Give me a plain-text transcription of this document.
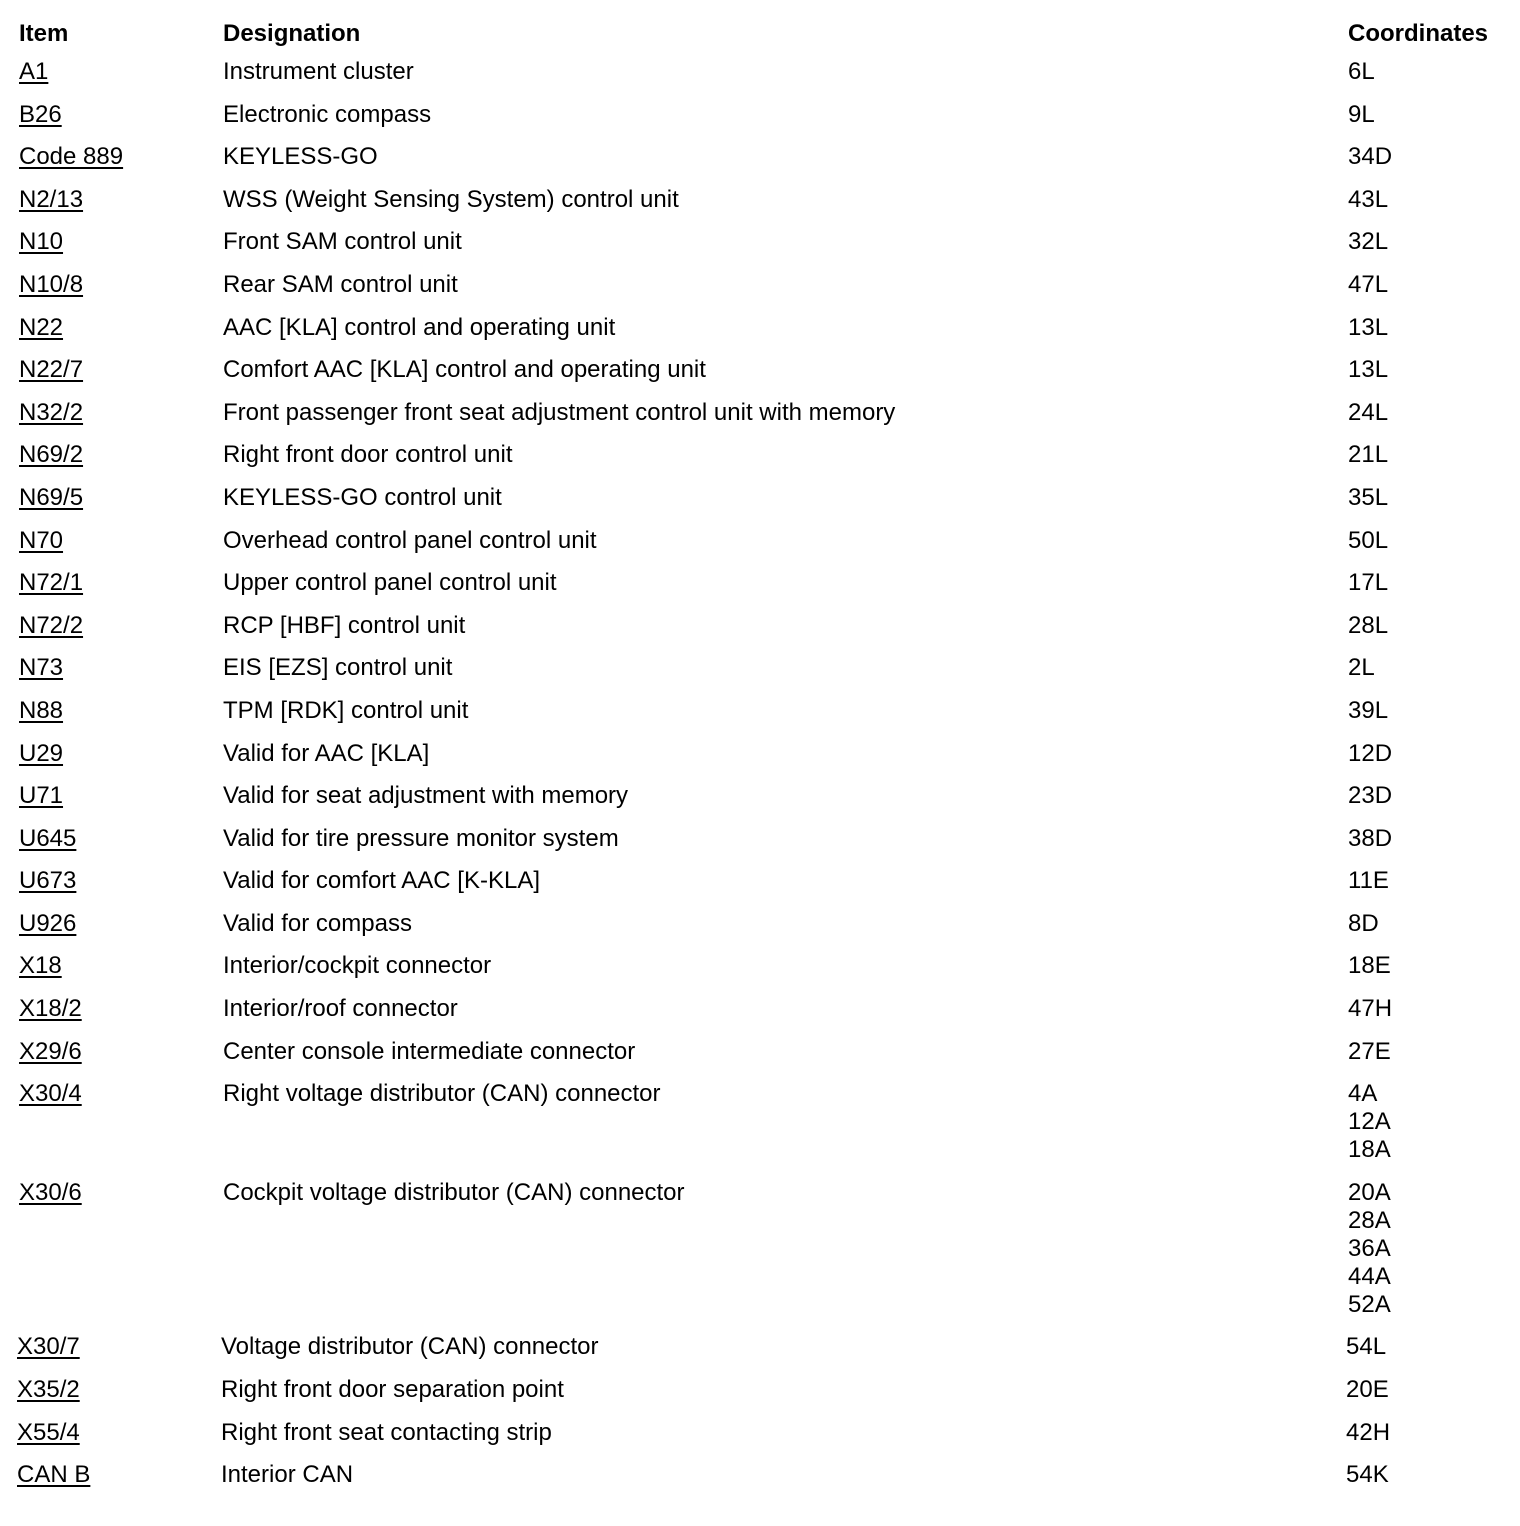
Item	Designation	Coordinates
A1	Instrument cluster	6L
B26	Electronic compass	9L
Code 889	KEYLESS-GO	34D
N2/13	WSS (Weight Sensing System) control unit	43L
N10	Front SAM control unit	32L
N10/8	Rear SAM control unit	47L
N22	AAC [KLA] control and operating unit	13L
N22/7	Comfort AAC [KLA] control and operating unit	13L
N32/2	Front passenger front seat adjustment control unit with memory	24L
N69/2	Right front door control unit	21L
N69/5	KEYLESS-GO control unit	35L
N70	Overhead control panel control unit	50L
N72/1	Upper control panel control unit	17L
N72/2	RCP [HBF] control unit	28L
N73	EIS [EZS] control unit	2L
N88	TPM [RDK] control unit	39L
U29	Valid for AAC [KLA]	12D
U71	Valid for seat adjustment with memory	23D
U645	Valid for tire pressure monitor system	38D
U673	Valid for comfort AAC [K-KLA]	11E
U926	Valid for compass	8D
X18	Interior/cockpit connector	18E
X18/2	Interior/roof connector	47H
X29/6	Center console intermediate connector	27E
X30/4	Right voltage distributor (CAN) connector	4A
12A
18A
X30/6	Cockpit voltage distributor (CAN) connector	20A
28A
36A
44A
52A
X30/7	Voltage distributor (CAN) connector	54L
X35/2	Right front door separation point	20E
X55/4	Right front seat contacting strip	42H
CAN B	Interior CAN	54K
